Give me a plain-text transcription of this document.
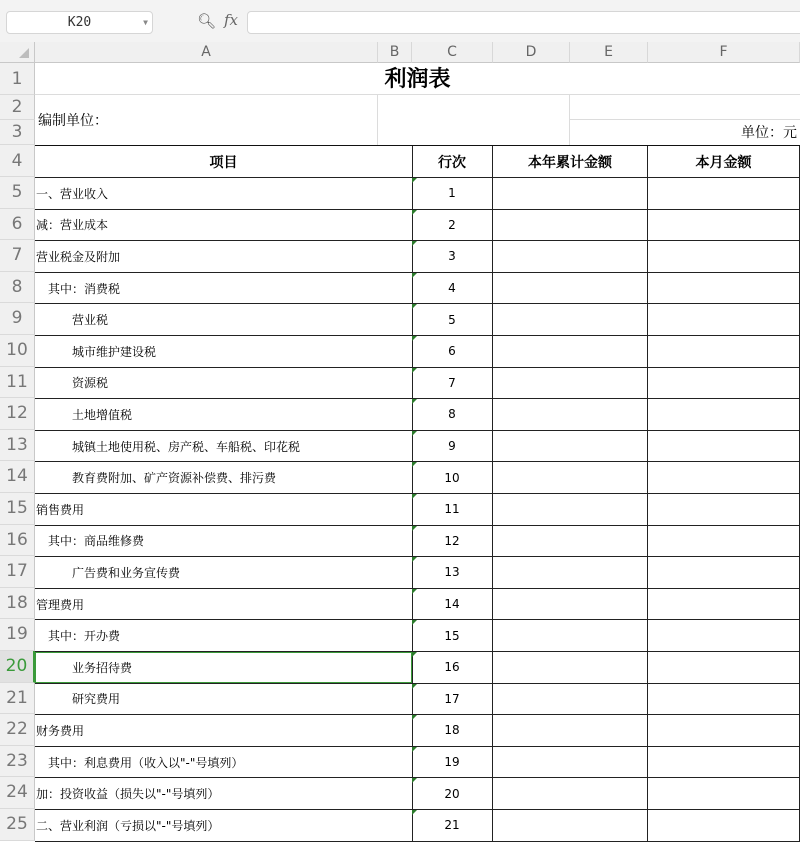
K20	▼	🔍︎ fx
A	B	C	D	E	F
1
2
3
4
5
6
7
8
9
10
11
12
13
14
15
16
17
18
19
20
21
22
23
24
25
利润表
编制单位：
单位：元
项目	行次	本年累计金额	本月金额
一、营业收入	1
减：营业成本	2
营业税金及附加	3
其中：消费税	4
营业税	5
城市维护建设税	6
资源税	7
土地增值税	8
城镇土地使用税、房产税、车船税、印花税	9
教育费附加、矿产资源补偿费、排污费	10
销售费用	11
其中：商品维修费	12
广告费和业务宣传费	13
管理费用	14
其中：开办费	15
业务招待费	16
研究费用	17
财务费用	18
其中：利息费用（收入以"-"号填列）	19
加：投资收益（损失以"-"号填列）	20
二、营业利润（亏损以"-"号填列）	21
